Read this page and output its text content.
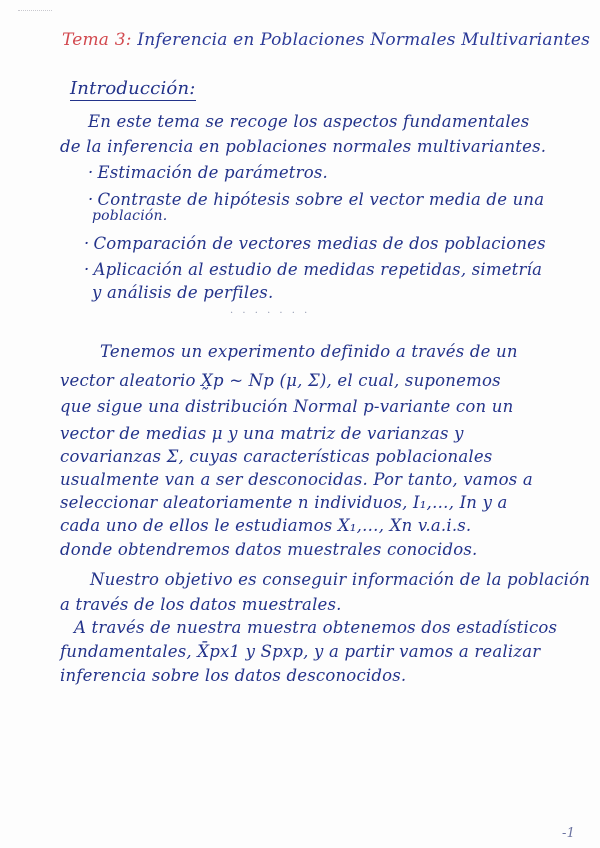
Tema 3: Inferencia en Poblaciones Normales Multivariantes
Introducción:
En este tema se recoge los aspectos fundamentales
de la inferencia en poblaciones normales multivariantes.
· Estimación de parámetros.
· Contraste de hipótesis sobre el vector media de una
población.
· Comparación de vectores medias de dos poblaciones
· Aplicación al estudio de medidas repetidas, simetría
y análisis de perfiles.
· · · · · · ·
Tenemos un experimento definido a través de un
vector aleatorio X̰p ~ Np (μ, Σ), el cual, suponemos
que sigue una distribución Normal p-variante con un
vector de medias μ y una matriz de varianzas y
covarianzas Σ, cuyas características poblacionales
usualmente van a ser desconocidas. Por tanto, vamos a
seleccionar aleatoriamente n individuos, I₁,…, In y a
cada uno de ellos le estudiamos X₁,…, Xn v.a.i.s.
donde obtendremos datos muestrales conocidos.
Nuestro objetivo es conseguir información de la población
a través de los datos muestrales.
A través de nuestra muestra obtenemos dos estadísticos
fundamentales, X̄px1 y Spxp, y a partir vamos a realizar
inferencia sobre los datos desconocidos.
-1
